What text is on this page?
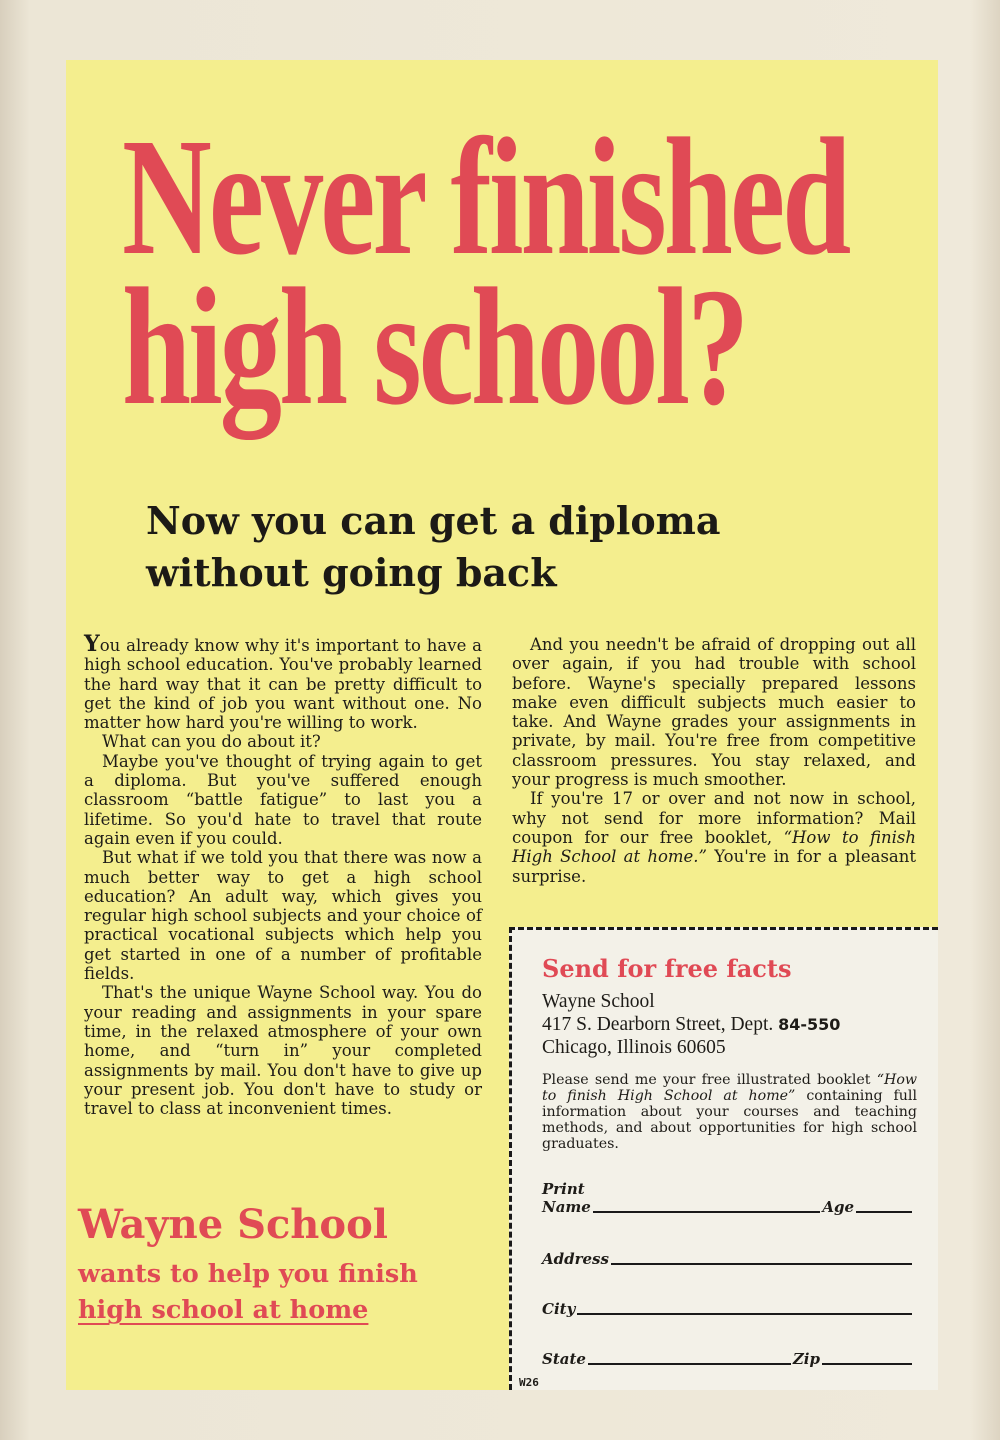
Never finished
high school?
Now you can get a diploma
without going back

You already know why it's important to have a high school education. You've probably learned the hard way that it can be pretty difficult to get the kind of job you want without one. No matter how hard you're willing to work.

What can you do about it?

Maybe you've thought of trying again to get a diploma. But you've suffered enough classroom “battle fatigue” to last you a lifetime. So you'd hate to travel that route again even if you could.

But what if we told you that there was now a much better way to get a high school education? An adult way, which gives you regular high school subjects and your choice of practical vocational subjects which help you get started in one of a number of profitable fields.

That's the unique Wayne School way. You do your reading and assignments in your spare time, in the relaxed atmosphere of your own home, and “turn in” your completed assignments by mail. You don't have to give up your present job. You don't have to study or travel to class at inconvenient times.

And you needn't be afraid of dropping out all over again, if you had trouble with school before. Wayne's specially prepared lessons make even difficult subjects much easier to take. And Wayne grades your assignments in private, by mail. You're free from competitive classroom pressures. You stay relaxed, and your progress is much smoother.

If you're 17 or over and not now in school, why not send for more information? Mail coupon for our free booklet, “How to finish High School at home.” You're in for a pleasant surprise.

Wayne School
wants to help you finish
high school at home
Send for free facts
Wayne School
417 S. Dearborn Street, Dept. 84-550
Chicago, Illinois 60605
Please send me your free illustrated booklet “How to finish High School at home” containing full information about your courses and teaching methods, and about opportunities for high school graduates.
Print
Name	Age
Address
City
State	Zip
W26
